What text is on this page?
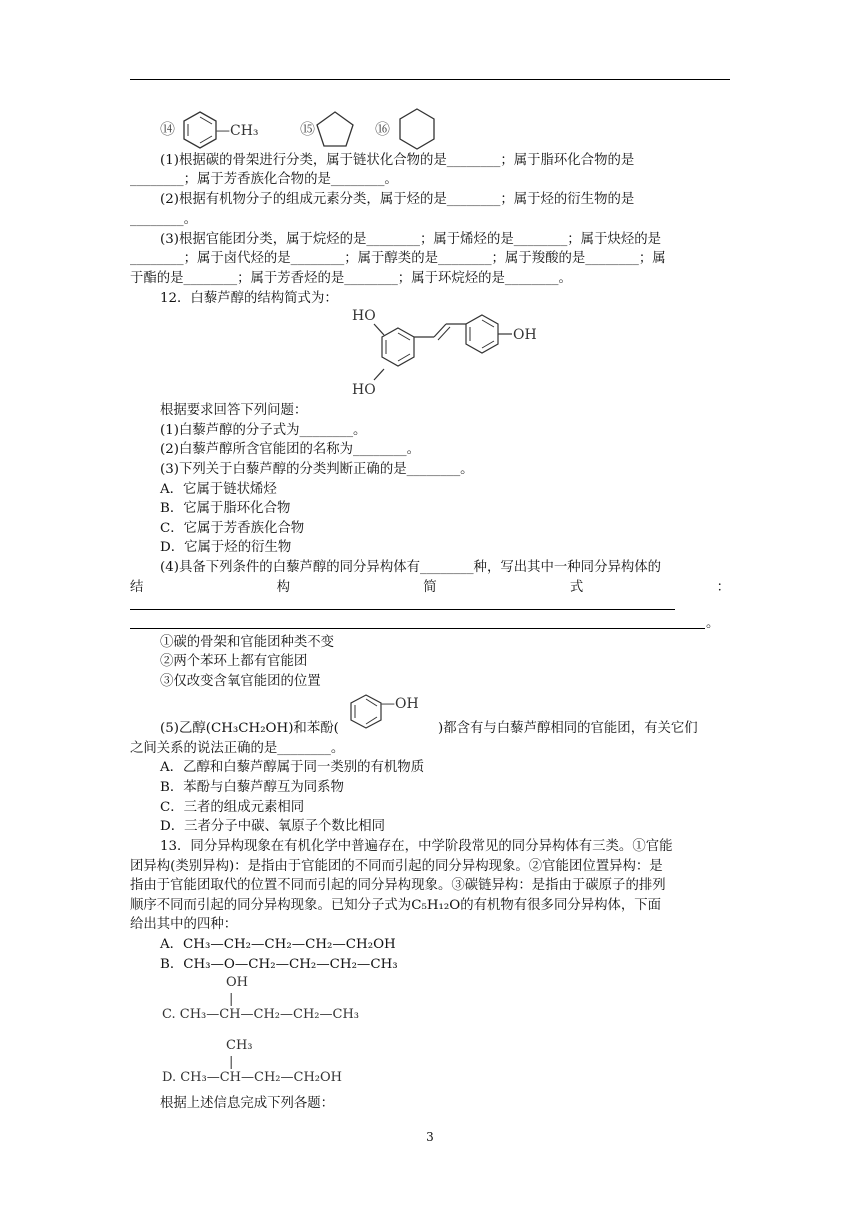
⑭	—CH₃	⑮	⑯
(1)根据碳的骨架进行分类，属于链状化合物的是________；属于脂环化合物的是
________；属于芳香族化合物的是________。
(2)根据有机物分子的组成元素分类，属于烃的是________；属于烃的衍生物的是
________。
(3)根据官能团分类，属于烷烃的是________；属于烯烃的是________；属于炔烃的是
________；属于卤代烃的是________；属于醇类的是________；属于羧酸的是________；属
于酯的是________；属于芳香烃的是________；属于环烷烃的是________。
12．白藜芦醇的结构简式为：
HO
HO
OH
根据要求回答下列问题：
(1)白藜芦醇的分子式为________。
(2)白藜芦醇所含官能团的名称为________。
(3)下列关于白藜芦醇的分类判断正确的是________。
A．它属于链状烯烃
B．它属于脂环化合物
C．它属于芳香族化合物
D．它属于烃的衍生物
(4)具备下列条件的白藜芦醇的同分异构体有________种，写出其中一种同分异构体的
结	构	简	式	：
。
①碳的骨架和官能团种类不变
②两个苯环上都有官能团
③仅改变含氧官能团的位置
—OH
(5)乙醇(CH₃CH₂OH)和苯酚(	)都含有与白藜芦醇相同的官能团，有关它们
之间关系的说法正确的是________。
A．乙醇和白藜芦醇属于同一类别的有机物质
B．苯酚与白藜芦醇互为同系物
C．三者的组成元素相同
D．三者分子中碳、氧原子个数比相同
13．同分异构现象在有机化学中普遍存在，中学阶段常见的同分异构体有三类。①官能
团异构(类别异构)：是指由于官能团的不同而引起的同分异构现象。②官能团位置异构：是
指由于官能团取代的位置不同而引起的同分异构现象。③碳链异构：是指由于碳原子的排列
顺序不同而引起的同分异构现象。已知分子式为C₅H₁₂O的有机物有很多同分异构体，下面
给出其中的四种：
A．CH₃—CH₂—CH₂—CH₂—CH₂OH
B．CH₃—O—CH₂—CH₂—CH₂—CH₃
OH
|
C. CH₃—CH—CH₂—CH₂—CH₃
CH₃
|
D. CH₃—CH—CH₂—CH₂OH
根据上述信息完成下列各题：
3
